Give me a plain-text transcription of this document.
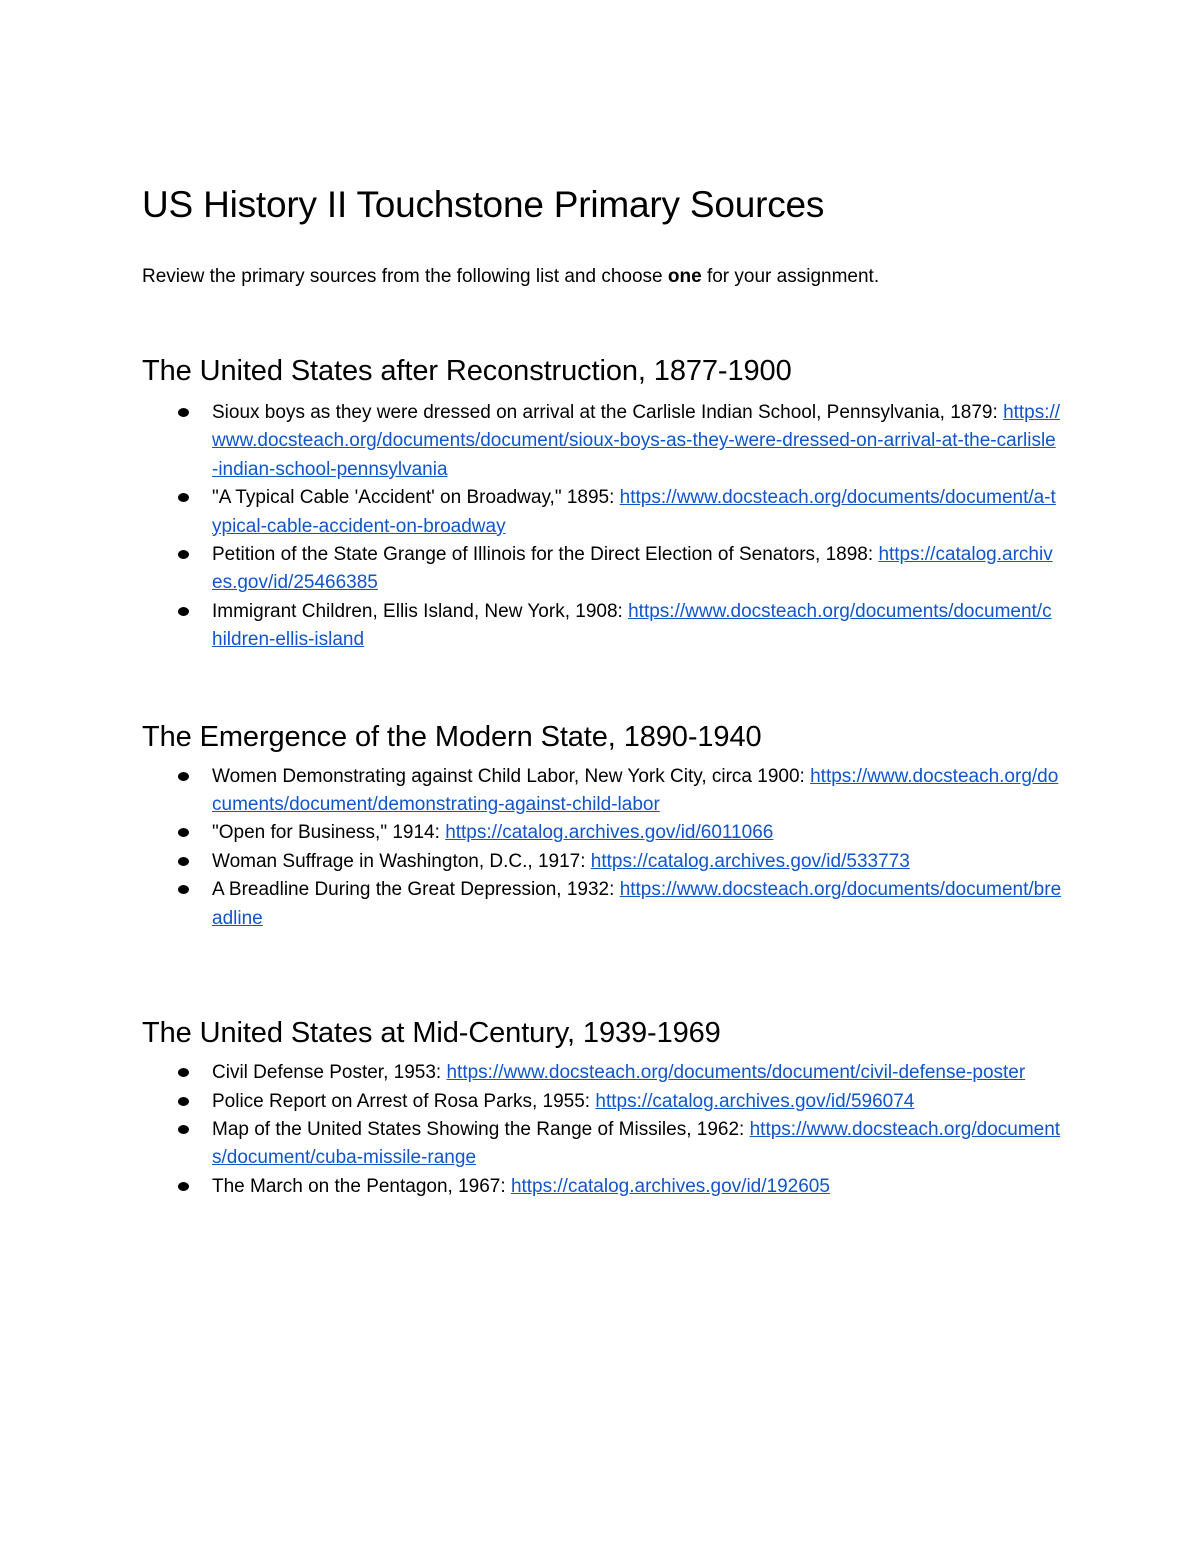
US History II Touchstone Primary Sources

Review the primary sources from the following list and choose one for your assignment.

The United States after Reconstruction, 1877-1900
Sioux boys as they were dressed on arrival at the Carlisle Indian School, Pennsylvania, 1879: https://www.docsteach.org/documents/document/sioux-boys-as-they-were-dressed-on-arrival-at-the-carlisle-indian-school-pennsylvania
"A Typical Cable 'Accident' on Broadway," 1895: https://www.docsteach.org/documents/document/a-typical-cable-accident-on-broadway
Petition of the State Grange of Illinois for the Direct Election of Senators, 1898: https://catalog.archives.gov/id/25466385
Immigrant Children, Ellis Island, New York, 1908: https://www.docsteach.org/documents/document/children-ellis-island
The Emergence of the Modern State, 1890-1940
Women Demonstrating against Child Labor, New York City, circa 1900: https://www.docsteach.org/documents/document/demonstrating-against-child-labor
"Open for Business," 1914: https://catalog.archives.gov/id/6011066
Woman Suffrage in Washington, D.C., 1917: https://catalog.archives.gov/id/533773
A Breadline During the Great Depression, 1932: https://www.docsteach.org/documents/document/breadline
The United States at Mid-Century, 1939-1969
Civil Defense Poster, 1953: https://www.docsteach.org/documents/document/civil-defense-poster
Police Report on Arrest of Rosa Parks, 1955: https://catalog.archives.gov/id/596074
Map of the United States Showing the Range of Missiles, 1962: https://www.docsteach.org/documents/document/cuba-missile-range
The March on the Pentagon, 1967: https://catalog.archives.gov/id/192605
